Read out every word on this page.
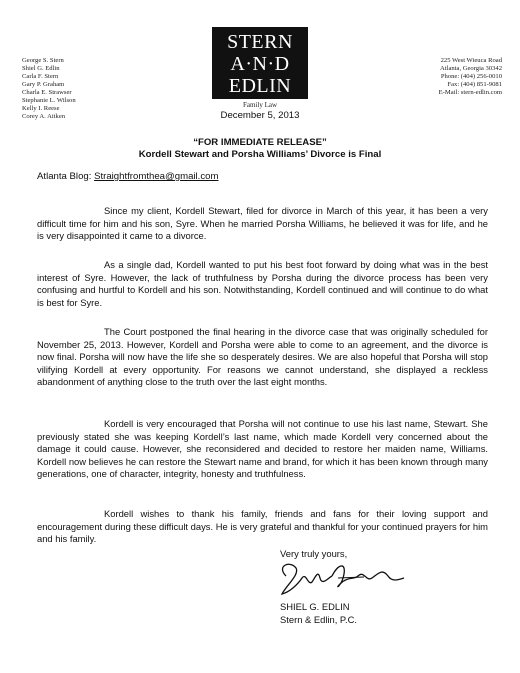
George S. Stern
Shiel G. Edlin
Carla F. Stern
Gary P. Graham
Charla E. Strawser
Stephanie L. Wilson
Kelly I. Reese
Corey A. Aitken
STERN
A·N·D
EDLIN
Family Law
225 West Wieuca Road
Atlanta, Georgia 30342
Phone: (404) 256-0010
Fax: (404) 851-9081
E-Mail: stern-edlin.com
December 5, 2013
“FOR IMMEDIATE RELEASE”
Kordell Stewart and Porsha Williams’ Divorce is Final
Atlanta Blog: Straightfromthea@gmail.com

Since my client, Kordell Stewart, filed for divorce in March of this year, it has been a very difficult time for him and his son, Syre. When he married Porsha Williams, he believed it was for life, and he is very disappointed it came to a divorce.

As a single dad, Kordell wanted to put his best foot forward by doing what was in the best interest of Syre. However, the lack of truthfulness by Porsha during the divorce process has been very confusing and hurtful to Kordell and his son. Notwithstanding, Kordell continued and will continue to do what is best for Syre.

The Court postponed the final hearing in the divorce case that was originally scheduled for November 25, 2013. However, Kordell and Porsha were able to come to an agreement, and the divorce is now final. Porsha will now have the life she so desperately desires. We are also hopeful that Porsha will stop vilifying Kordell at every opportunity. For reasons we cannot understand, she displayed a reckless abandonment of anything close to the truth over the last eight months.

Kordell is very encouraged that Porsha will not continue to use his last name, Stewart. She previously stated she was keeping Kordell’s last name, which made Kordell very concerned about the damage it could cause. However, she reconsidered and decided to restore her maiden name, Williams. Kordell now believes he can restore the Stewart name and brand, for which it has been known through many generations, one of character, integrity, honesty and truthfulness.

Kordell wishes to thank his family, friends and fans for their loving support and encouragement during these difficult days. He is very grateful and thankful for your continued prayers for him and his family.

Very truly yours,
SHIEL G. EDLIN
Stern & Edlin, P.C.
